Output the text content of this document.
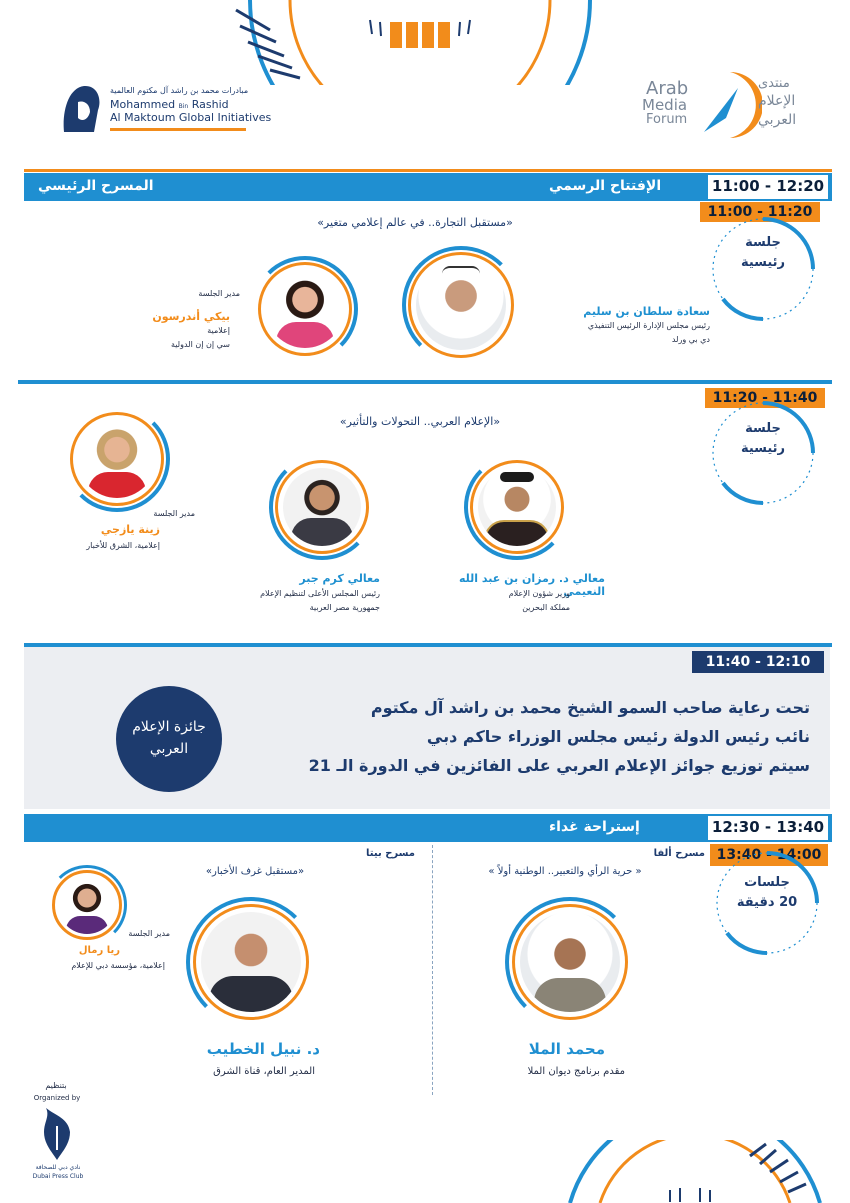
مبادرات محمد بن راشد آل مكتوم العالمية
Mohammed Bin Rashid
Al Maktoum Global Initiatives
Arab
Media
Forum
منتدى
الإعلام
العربي
المسرح الرئيسي	الإفتتاح الرسمي	11:00 - 12:20
11:00 - 11:20
جلسة
رئيسية
«مستقبل التجارة.. في عالم إعلامي متغير»
سعادة سلطان بن سليم
رئيس مجلس الإدارة الرئيس التنفيذي
دي بي ورلد
مدير الجلسة
بيكي أندرسون
إعلامية
سي إن إن الدولية
11:20 - 11:40
جلسة
رئيسية
«الإعلام العربي.. التحولات والتأثير»
مدير الجلسة
زينة يازجي
إعلامية، الشرق للأخبار
معالي كرم جبر
رئيس المجلس الأعلى لتنظيم الإعلام
جمهورية مصر العربية
معالي د. رمزان بن عبد الله النعيمي
وزير شؤون الإعلام
مملكة البحرين
11:40 - 12:10
تحت رعاية صاحب السمو الشيخ محمد بن راشد آل مكتوم
نائب رئيس الدولة رئيس مجلس الوزراء حاكم دبي
سيتم توزيع جوائز الإعلام العربي على الفائزين في الدورة الـ 21
جائزة الإعلام العربي
إستراحة غداء	12:30 - 13:40
13:40 - 14:00
جلسات
20 دقيقة
مسرح ألفا
مسرح بيتا
« حرية الرأي والتعبير.. الوطنية أولاً »
«مستقبل غرف الأخبار»
محمد الملا
مقدم برنامج ديوان الملا
د. نبيل الخطيب
المدير العام، قناة الشرق
مدير الجلسة
ريا رمال
إعلامية، مؤسسة دبي للإعلام
بتنظيم
Organized by
نادي دبي للصحافة
Dubai Press Club
